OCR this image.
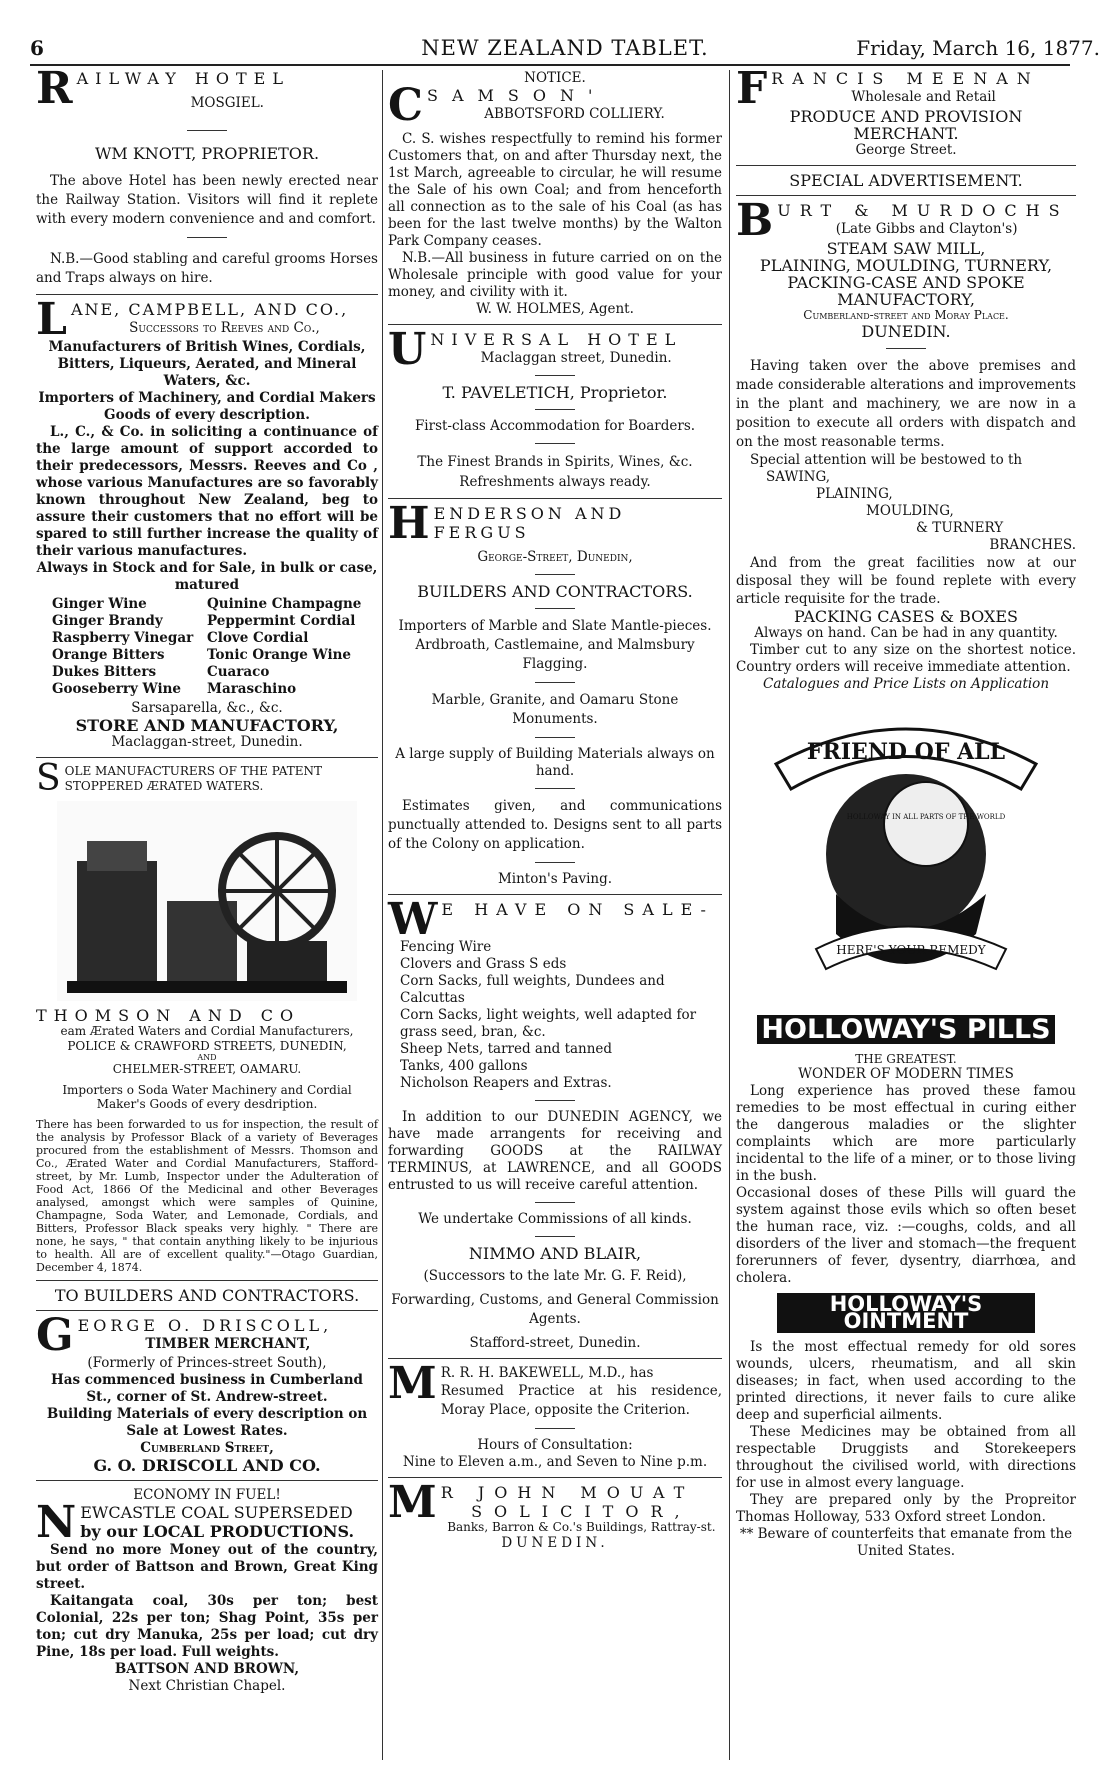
6	NEW ZEALAND TABLET.	Friday, March 16, 1877.
RAILWAY HOTEL
MOSGIEL.
WM KNOTT, PROPRIETOR.
The above Hotel has been newly erected near the Railway Station. Visitors will find it replete with every modern convenience and and comfort.
N.B.—Good stabling and careful grooms Horses and Traps always on hire.
LANE, CAMPBELL, AND CO.,
Successors to Reeves and Co.,
Manufacturers of British Wines, Cordials, Bitters, Liqueurs, Aerated, and Mineral Waters, &c.
Importers of Machinery, and Cordial Makers Goods of every description.
L., C., & Co. in soliciting a continuance of the large amount of support accorded to their predecessors, Messrs. Reeves and Co , whose various Manufactures are so favorably known throughout New Zealand, beg to assure their customers that no effort will be spared to still further increase the quality of their various manufactures.
Always in Stock and for Sale, in bulk or case, matured
Ginger Wine	Quinine Champagne
Ginger Brandy	Peppermint Cordial
Raspberry Vinegar	Clove Cordial
Orange Bitters	Tonic Orange Wine
Dukes Bitters	Cuaraco
Gooseberry Wine	Maraschino
Sarsaparella, &c., &c.
STORE AND MANUFACTORY,
Maclaggan-street, Dunedin.
SOLE MANUFACTURERS OF THE PATENT STOPPERED ÆRATED WATERS.
THOMSON AND CO
eam Ærated Waters and Cordial Manufacturers,
POLICE & CRAWFORD STREETS, DUNEDIN,
AND
CHELMER-STREET, OAMARU.
Importers o Soda Water Machinery and Cordial Maker's Goods of every desdription.
There has been forwarded to us for inspection, the result of the analysis by Professor Black of a variety of Beverages procured from the establishment of Messrs. Thomson and Co., Ærated Water and Cordial Manufacturers, Stafford-street, by Mr. Lumb, Inspector under the Adulteration of Food Act, 1866 Of the Medicinal and other Beverages analysed, amongst which were samples of Quinine, Champagne, Soda Water, and Lemonade, Cordials, and Bitters, Professor Black speaks very highly. " There are none, he says, " that contain anything likely to be injurious to health. All are of excellent quality."—Otago Guardian, December 4, 1874.
TO BUILDERS AND CONTRACTORS.
GEORGE O. DRISCOLL,
TIMBER MERCHANT,
(Formerly of Princes-street South),
Has commenced business in Cumberland St., corner of St. Andrew-street.
Building Materials of every description on Sale at Lowest Rates.
Cumberland Street,
G. O. DRISCOLL AND CO.
ECONOMY IN FUEL!
NEWCASTLE COAL SUPERSEDED
by our LOCAL PRODUCTIONS.
Send no more Money out of the country, but order of Battson and Brown, Great King street.
Kaitangata coal, 30s per ton; best Colonial, 22s per ton; Shag Point, 35s per ton; cut dry Manuka, 25s per load; cut dry Pine, 18s per load. Full weights.
BATTSON AND BROWN,
Next Christian Chapel.
NOTICE.
CSAMSON'
ABBOTSFORD COLLIERY.
C. S. wishes respectfully to remind his former Customers that, on and after Thursday next, the 1st March, agreeable to circular, he will resume the Sale of his own Coal; and from henceforth all connection as to the sale of his Coal (as has been for the last twelve months) by the Walton Park Company ceases.
N.B.—All business in future carried on on the Wholesale principle with good value for your money, and civility with it.
W. W. HOLMES, Agent.
UNIVERSAL HOTEL
Maclaggan street, Dunedin.
T. PAVELETICH, Proprietor.
First-class Accommodation for Boarders.
The Finest Brands in Spirits, Wines, &c. Refreshments always ready.
HENDERSON AND FERGUS
George-Street, Dunedin,
BUILDERS AND CONTRACTORS.
Importers of Marble and Slate Mantle-pieces. Ardbroath, Castlemaine, and Malmsbury Flagging.
Marble, Granite, and Oamaru Stone Monuments.
A large supply of Building Materials always on hand.
Estimates given, and communications punctually attended to. Designs sent to all parts of the Colony on application.
Minton's Paving.
W E HAVE ON SALE-
Fencing Wire
Clovers and Grass S eds
Corn Sacks, full weights, Dundees and Calcuttas
Corn Sacks, light weights, well adapted for grass seed, bran, &c.
Sheep Nets, tarred and tanned
Tanks, 400 gallons
Nicholson Reapers and Extras.
In addition to our DUNEDIN AGENCY, we have made arrangents for receiving and forwarding GOODS at the RAILWAY TERMINUS, at LAWRENCE, and all GOODS entrusted to us will receive careful attention.
We undertake Commissions of all kinds.
NIMMO AND BLAIR,
(Successors to the late Mr. G. F. Reid),
Forwarding, Customs, and General Commission Agents.
Stafford-street, Dunedin.
M R. R. H. BAKEWELL, M.D., has
Resumed Practice at his residence, Moray Place, opposite the Criterion.
Hours of Consultation:
Nine to Eleven a.m., and Seven to Nine p.m.
M R JOHN MOUAT
SOLICITOR,
Banks, Barron & Co.'s Buildings, Rattray-st.
DUNEDIN.
FRANCIS MEENAN
Wholesale and Retail
PRODUCE AND PROVISION MERCHANT.
George Street.
SPECIAL ADVERTISEMENT.
BURT & MURDOCHS
(Late Gibbs and Clayton's)
STEAM SAW MILL,
PLAINING, MOULDING, TURNERY,
PACKING-CASE AND SPOKE
MANUFACTORY,
Cumberland-street and Moray Place.
DUNEDIN.
Having taken over the above premises and made considerable alterations and improvements in the plant and machinery, we are now in a position to execute all orders with dispatch and on the most reasonable terms.
Special attention will be bestowed to th
SAWING,
PLAINING,
MOULDING,
& TURNERY
BRANCHES.
And from the great facilities now at our disposal they will be found replete with every article requisite for the trade.
PACKING CASES & BOXES
Always on hand. Can be had in any quantity.
Timber cut to any size on the shortest notice. Country orders will receive immediate attention.
Catalogues and Price Lists on Application
FRIEND OF ALL
HOLLOWAY IN ALL PARTS OF THE WORLD
HERE'S YOUR REMEDY
HOLLOWAY'S PILLS
THE GREATEST.
WONDER OF MODERN TIMES
Long experience has proved these famou remedies to be most effectual in curing either the dangerous maladies or the slighter complaints which are more particularly incidental to the life of a miner, or to those living in the bush.
Occasional doses of these Pills will guard the system against those evils which so often beset the human race, viz. :—coughs, colds, and all disorders of the liver and stomach—the frequent forerunners of fever, dysentry, diarrhœa, and cholera.
HOLLOWAY'S OINTMENT
Is the most effectual remedy for old sores wounds, ulcers, rheumatism, and all skin diseases; in fact, when used according to the printed directions, it never fails to cure alike deep and superficial ailments.
These Medicines may be obtained from all respectable Druggists and Storekeepers throughout the civilised world, with directions for use in almost every language.
They are prepared only by the Propreitor Thomas Holloway, 533 Oxford street London.
** Beware of counterfeits that emanate from the United States.
